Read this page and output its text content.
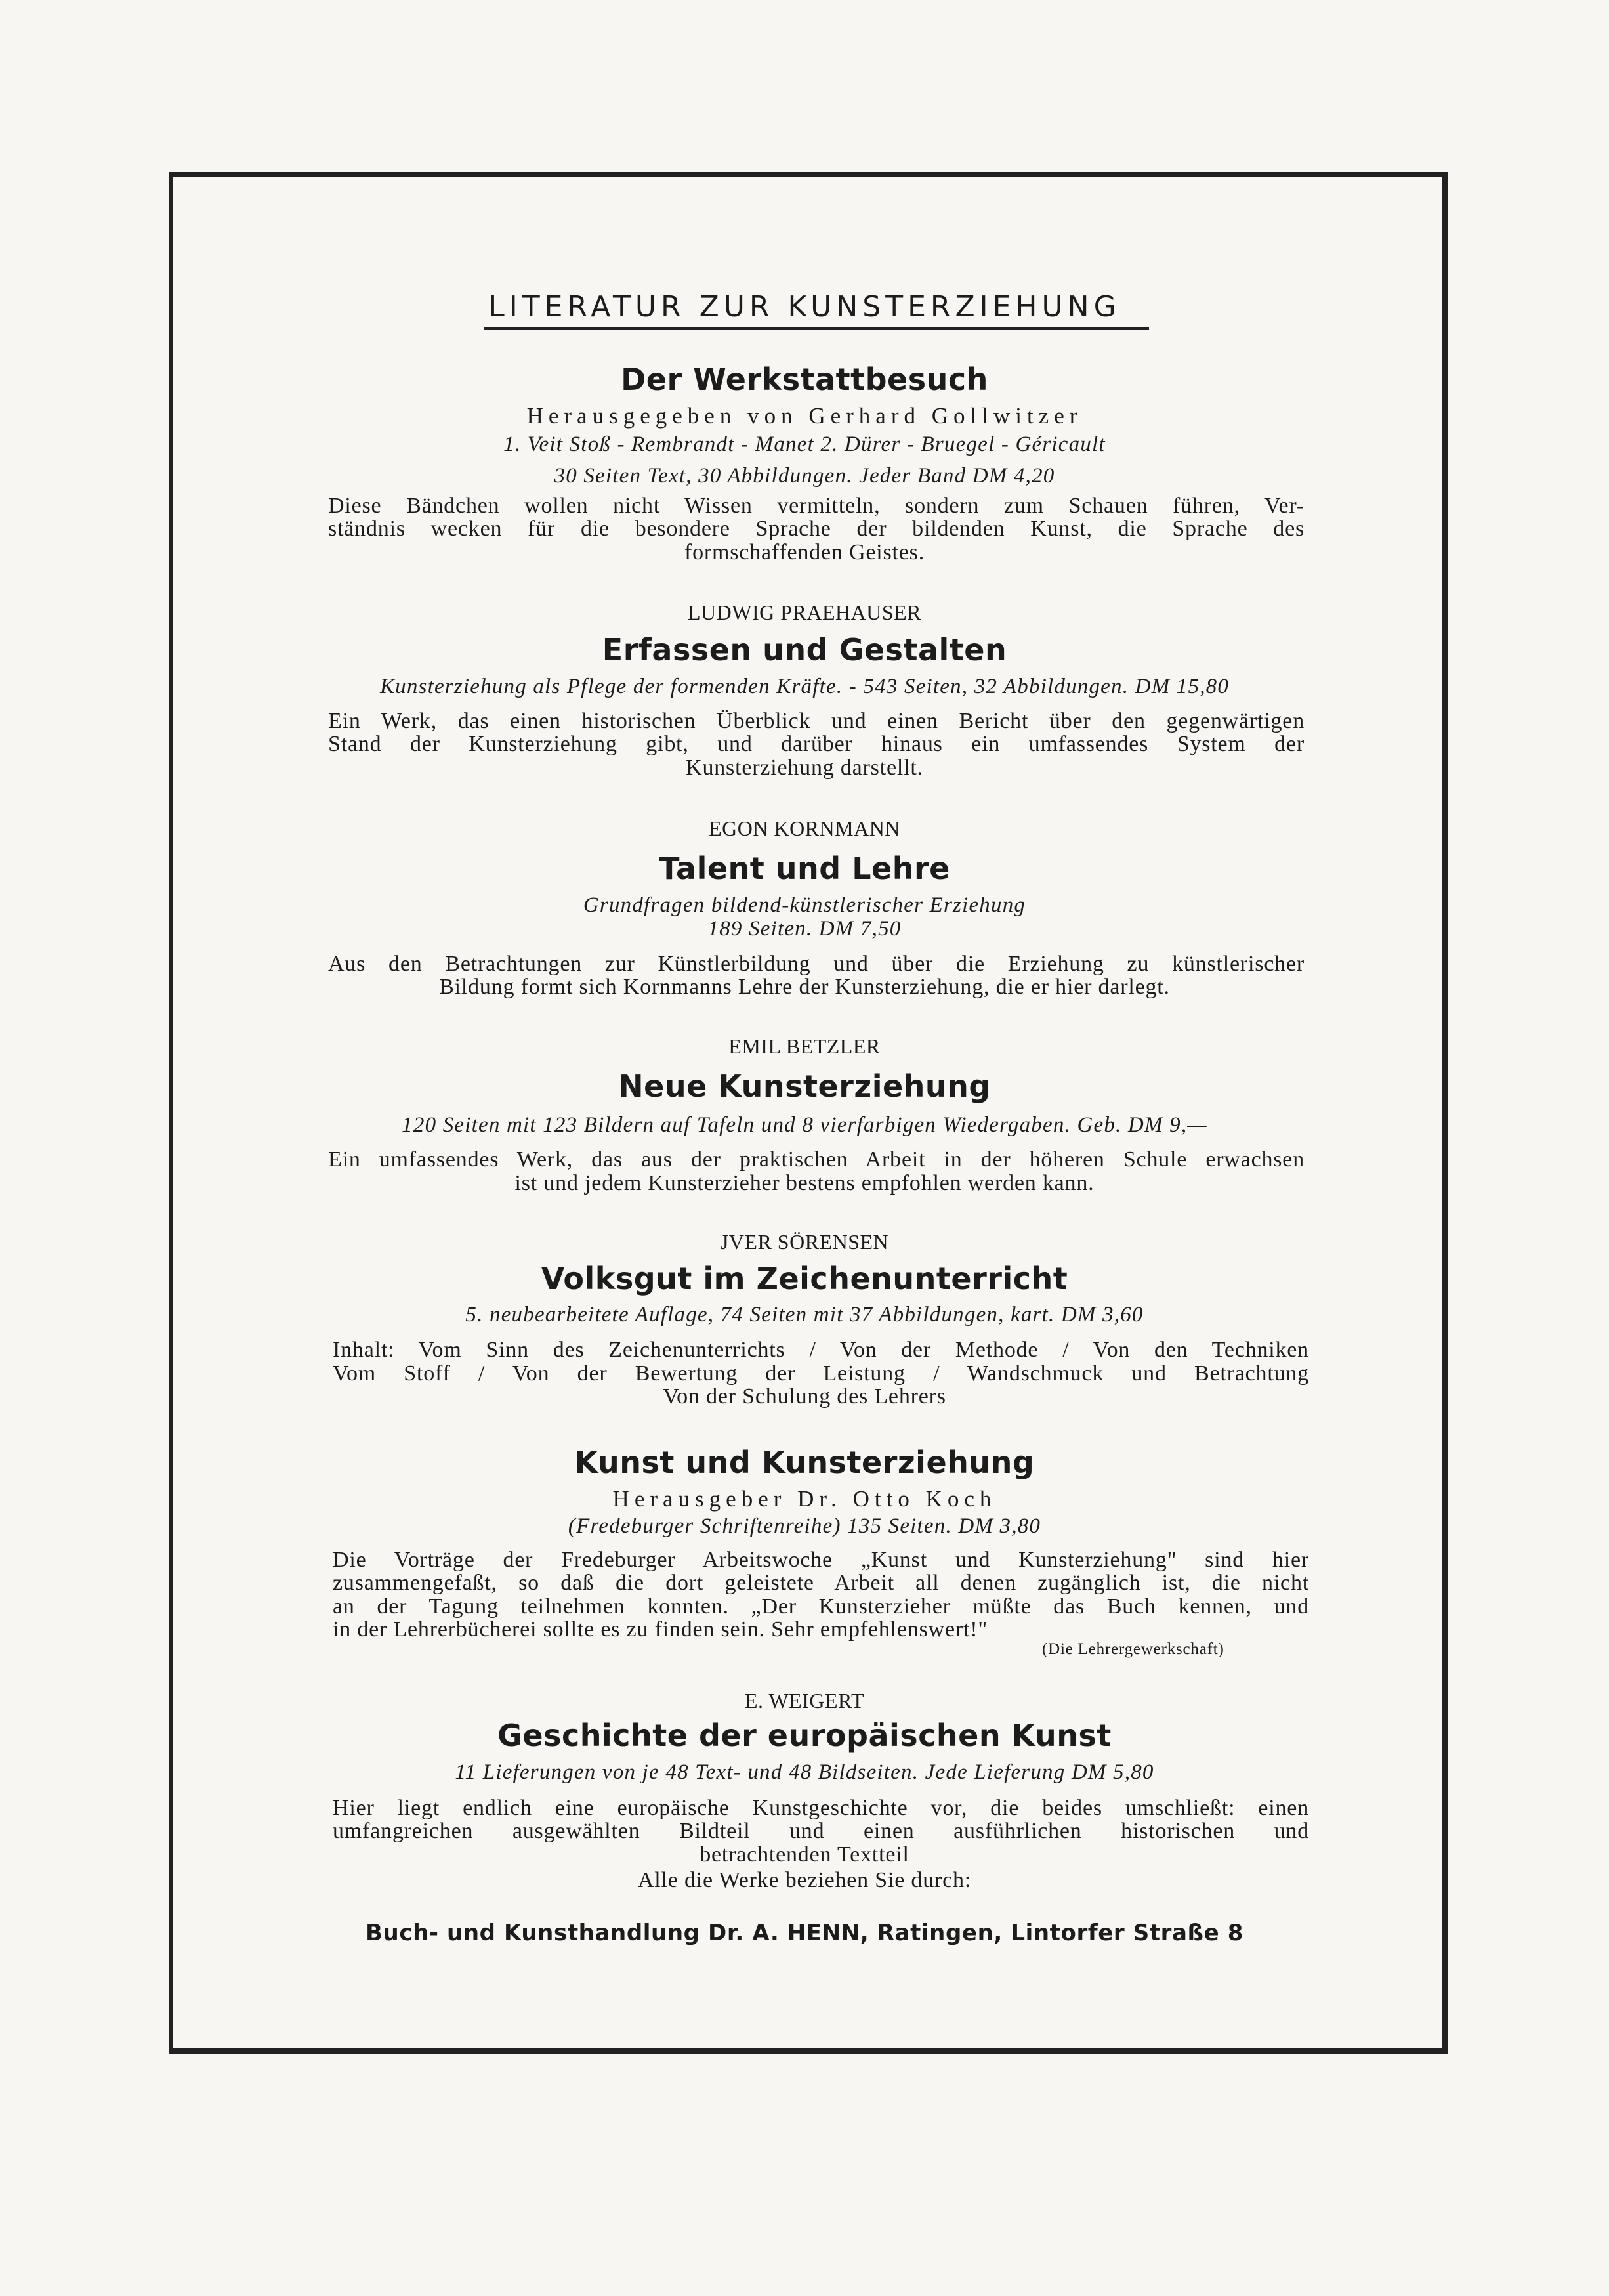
LITERATUR ZUR KUNSTERZIEHUNG
Der Werkstattbesuch
Herausgegeben von Gerhard Gollwitzer
1. Veit Stoß - Rembrandt - Manet 2. Dürer - Bruegel - Géricault
30 Seiten Text, 30 Abbildungen. Jeder Band DM 4,20
Diese Bändchen wollen nicht Wissen vermitteln, sondern zum Schauen führen, Ver-
ständnis wecken für die besondere Sprache der bildenden Kunst, die Sprache des
formschaffenden Geistes.
LUDWIG PRAEHAUSER
Erfassen und Gestalten
Kunsterziehung als Pflege der formenden Kräfte. - 543 Seiten, 32 Abbildungen. DM 15,80
Ein Werk, das einen historischen Überblick und einen Bericht über den gegenwärtigen
Stand der Kunsterziehung gibt, und darüber hinaus ein umfassendes System der
Kunsterziehung darstellt.
EGON KORNMANN
Talent und Lehre
Grundfragen bildend-künstlerischer Erziehung
189 Seiten. DM 7,50
Aus den Betrachtungen zur Künstlerbildung und über die Erziehung zu künstlerischer
Bildung formt sich Kornmanns Lehre der Kunsterziehung, die er hier darlegt.
EMIL BETZLER
Neue Kunsterziehung
120 Seiten mit 123 Bildern auf Tafeln und 8 vierfarbigen Wiedergaben. Geb. DM 9,—
Ein umfassendes Werk, das aus der praktischen Arbeit in der höheren Schule erwachsen
ist und jedem Kunsterzieher bestens empfohlen werden kann.
JVER SÖRENSEN
Volksgut im Zeichenunterricht
5. neubearbeitete Auflage, 74 Seiten mit 37 Abbildungen, kart. DM 3,60
Inhalt: Vom Sinn des Zeichenunterrichts / Von der Methode / Von den Techniken
Vom Stoff / Von der Bewertung der Leistung / Wandschmuck und Betrachtung
Von der Schulung des Lehrers
Kunst und Kunsterziehung
Herausgeber Dr. Otto Koch
(Fredeburger Schriftenreihe) 135 Seiten. DM 3,80
Die Vorträge der Fredeburger Arbeitswoche „Kunst und Kunsterziehung" sind hier
zusammengefaßt, so daß die dort geleistete Arbeit all denen zugänglich ist, die nicht
an der Tagung teilnehmen konnten. „Der Kunsterzieher müßte das Buch kennen, und
in der Lehrerbücherei sollte es zu finden sein. Sehr empfehlenswert!"
(Die Lehrergewerkschaft)
E. WEIGERT
Geschichte der europäischen Kunst
11 Lieferungen von je 48 Text- und 48 Bildseiten. Jede Lieferung DM 5,80
Hier liegt endlich eine europäische Kunstgeschichte vor, die beides umschließt: einen
umfangreichen ausgewählten Bildteil und einen ausführlichen historischen und
betrachtenden Textteil
Alle die Werke beziehen Sie durch:
Buch- und Kunsthandlung Dr. A. HENN, Ratingen, Lintorfer Straße 8
